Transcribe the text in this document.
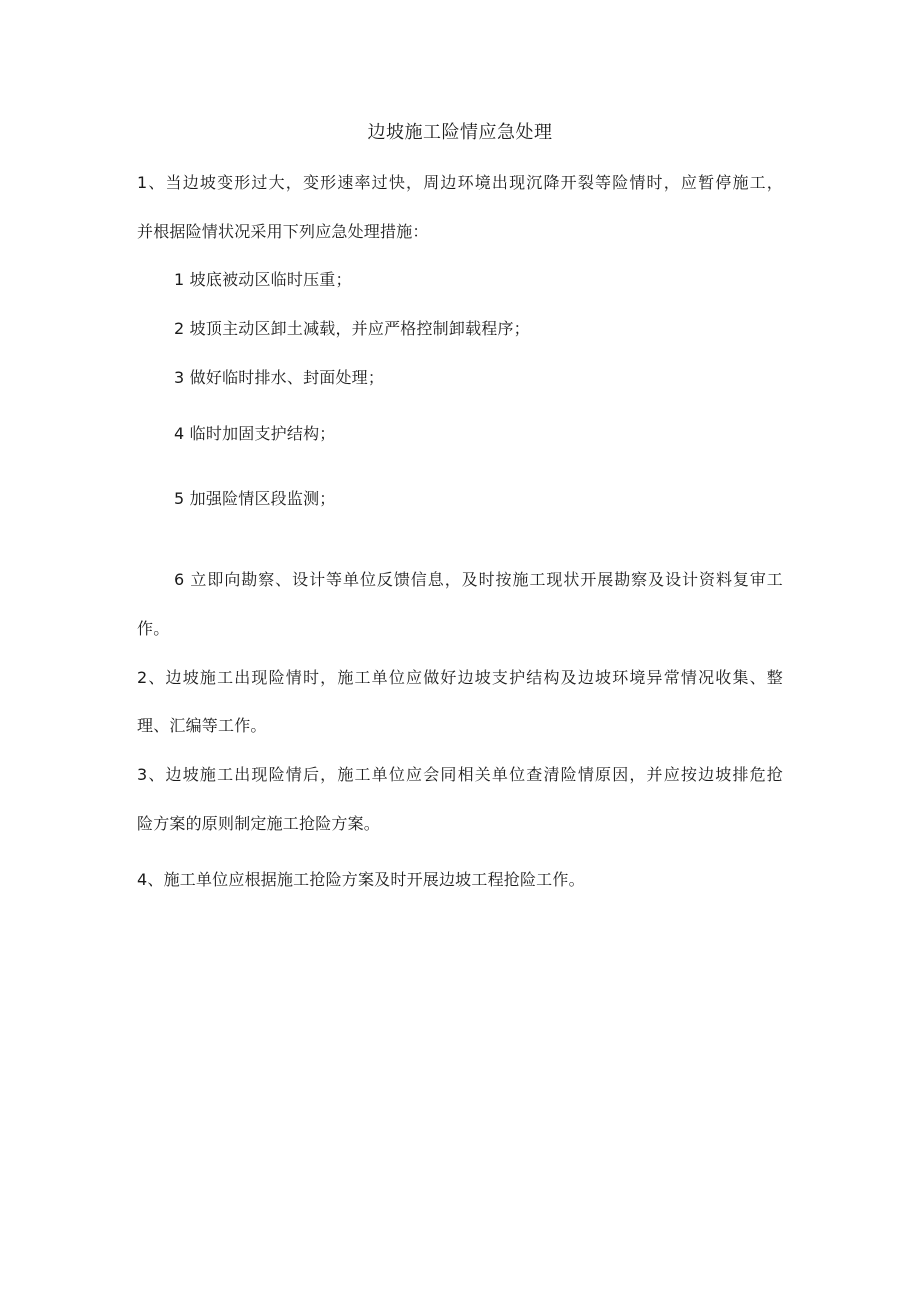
边坡施工险情应急处理
1、当边坡变形过大，变形速率过快，周边环境出现沉降开裂等险情时，应暂停施工，
并根据险情状况采用下列应急处理措施：
1 坡底被动区临时压重；
2 坡顶主动区卸土减载，并应严格控制卸载程序；
3 做好临时排水、封面处理；
4 临时加固支护结构；
5 加强险情区段监测；
6 立即向勘察、设计等单位反馈信息，及时按施工现状开展勘察及设计资料复审工
作。
2、边坡施工出现险情时，施工单位应做好边坡支护结构及边坡环境异常情况收集、整
理、汇编等工作。
3、边坡施工出现险情后，施工单位应会同相关单位查清险情原因，并应按边坡排危抢
险方案的原则制定施工抢险方案。
4、施工单位应根据施工抢险方案及时开展边坡工程抢险工作。
